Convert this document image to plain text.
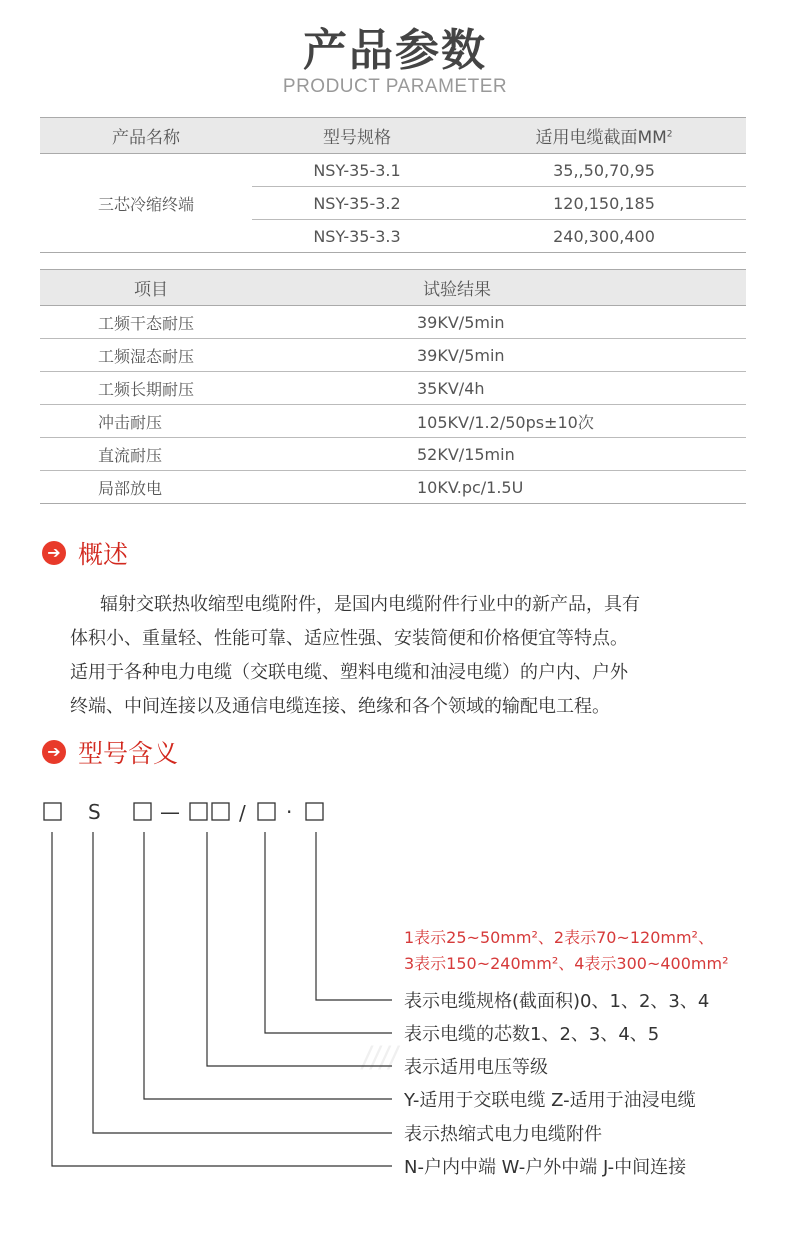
产品参数
PRODUCT PARAMETER
产品名称	型号规格	适用电缆截面$MM^2$
三芯冷缩终端	NSY-35-3.1	35,,50,70,95
	NSY-35-3.2	120,150,185
	NSY-35-3.3	240,300,400
项目	试验结果
工频干态耐压	39KV/5min
工频湿态耐压	39KV/5min
工频长期耐压	35KV/4h
冲击耐压	105KV/1.2/50ps±10次
直流耐压	52KV/15min
局部放电	10KV.pc/1.5U
➔ 概述

辐射交联热收缩型电缆附件，是国内电缆附件行业中的新产品，具有

体积小、重量轻、性能可靠、适应性强、安装简便和价格便宜等特点。

适用于各种电力电缆（交联电缆、塑料电缆和油浸电缆）的户内、户外

终端、中间连接以及通信电缆连接、绝缘和各个领域的输配电工程。

➔ 型号含义
////
S	—	/ ·
1表示25~50mm²、2表示70~120mm²、
3表示150~240mm²、4表示300~400mm²
表示电缆规格(截面积)0、1、2、3、4
表示电缆的芯数1、2、3、4、5
表示适用电压等级
Y-适用于交联电缆 Z-适用于油浸电缆
表示热缩式电力电缆附件
N-户内中端 W-户外中端 J-中间连接
